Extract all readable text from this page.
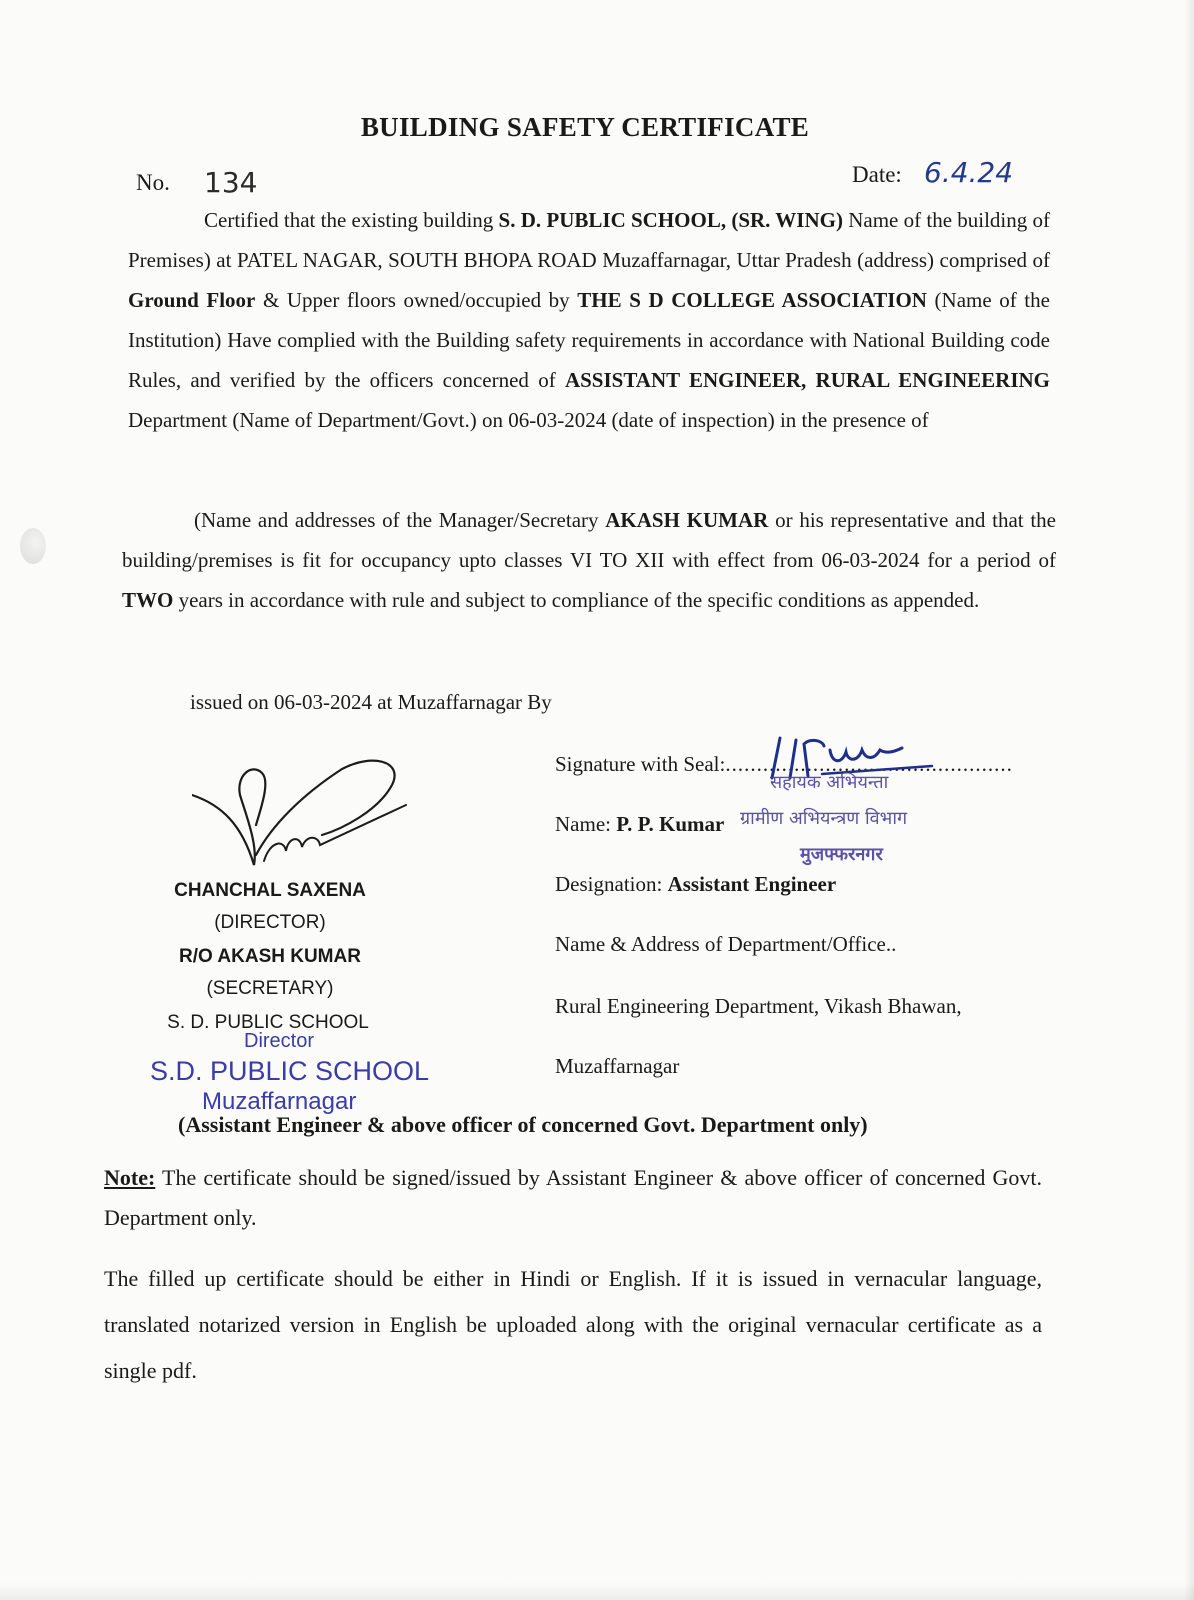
BUILDING SAFETY CERTIFICATE
No. 134	Date: 6.4.24

Certified that the existing building S. D. PUBLIC SCHOOL, (SR. WING) Name of the building of Premises) at PATEL NAGAR, SOUTH BHOPA ROAD Muzaffarnagar, Uttar Pradesh (address) comprised of Ground Floor & Upper floors owned/occupied by THE S D COLLEGE ASSOCIATION (Name of the Institution) Have complied with the Building safety requirements in accordance with National Building code Rules, and verified by the officers concerned of ASSISTANT ENGINEER, RURAL ENGINEERING Department (Name of Department/Govt.) on 06-03-2024 (date of inspection) in the presence of

(Name and addresses of the Manager/Secretary AKASH KUMAR or his representative and that the building/premises is fit for occupancy upto classes VI TO XII with effect from 06-03-2024 for a period of TWO years in accordance with rule and subject to compliance of the specific conditions as appended.

issued on 06-03-2024 at Muzaffarnagar By
Signature with Seal:..............................................
सहायक अभियन्ता
ग्रामीण अभियन्त्रण विभाग
मुजफ्फरनगर
Name: P. P. Kumar
Designation: Assistant Engineer
Name & Address of Department/Office..
Rural Engineering Department, Vikash Bhawan,
Muzaffarnagar
CHANCHAL SAXENA
(DIRECTOR)
R/O AKASH KUMAR
(SECRETARY)
S. D. PUBLIC SCHOOL
Director
S.D. PUBLIC SCHOOL
Muzaffarnagar
(Assistant Engineer & above officer of concerned Govt. Department only)
Note: The certificate should be signed/issued by Assistant Engineer & above officer of concerned Govt. Department only.
The filled up certificate should be either in Hindi or English. If it is issued in vernacular language, translated notarized version in English be uploaded along with the original vernacular certificate as a single pdf.
